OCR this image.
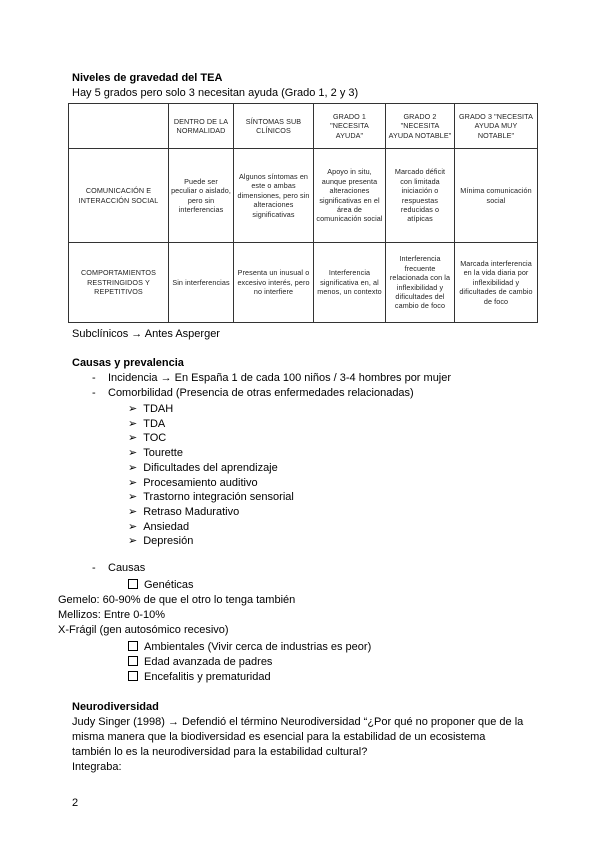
Niveles de gravedad del TEA
Hay 5 grados pero solo 3 necesitan ayuda (Grado 1, 2 y 3)
	DENTRO DE LA NORMALIDAD	SÍNTOMAS SUB CLÍNICOS	GRADO 1 "NECESITA AYUDA"	GRADO 2 "NECESITA AYUDA NOTABLE"	GRADO 3 "NECESITA AYUDA MUY NOTABLE"
COMUNICACIÓN E INTERACCIÓN SOCIAL	Puede ser peculiar o aislado, pero sin interferencias	Algunos síntomas en este o ambas dimensiones, pero sin alteraciones significativas	Apoyo in situ, aunque presenta alteraciones significativas en el área de comunicación social	Marcado déficit con limitada iniciación o respuestas reducidas o atípicas	Mínima comunicación social
COMPORTAMIENTOS RESTRINGIDOS Y REPETITIVOS	Sin interferencias	Presenta un inusual o excesivo interés, pero no interfiere	Interferencia significativa en, al menos, un contexto	Interferencia frecuente relacionada con la inflexibilidad y dificultades del cambio de foco	Marcada interferencia en la vida diaria por inflexibilidad y dificultades de cambio de foco
Subclínicos → Antes Asperger
Causas y prevalencia
- Incidencia → En España 1 de cada 100 niños / 3-4 hombres por mujer
- Comorbilidad (Presencia de otras enfermedades relacionadas)
➢ TDAH
➢ TDA
➢ TOC
➢ Tourette
➢ Dificultades del aprendizaje
➢ Procesamiento auditivo
➢ Trastorno integración sensorial
➢ Retraso Madurativo
➢ Ansiedad
➢ Depresión
- Causas
Genéticas
Gemelo: 60-90% de que el otro lo tenga también
Mellizos: Entre 0-10%
X-Frágil (gen autosómico recesivo)
Ambientales (Vivir cerca de industrias es peor)
Edad avanzada de padres
Encefalitis y prematuridad
Neurodiversidad
Judy Singer (1998) → Defendió el término Neurodiversidad “¿Por qué no proponer que de la
misma manera que la biodiversidad es esencial para la estabilidad de un ecosistema
también lo es la neurodiversidad para la estabilidad cultural?
Integraba:
2
